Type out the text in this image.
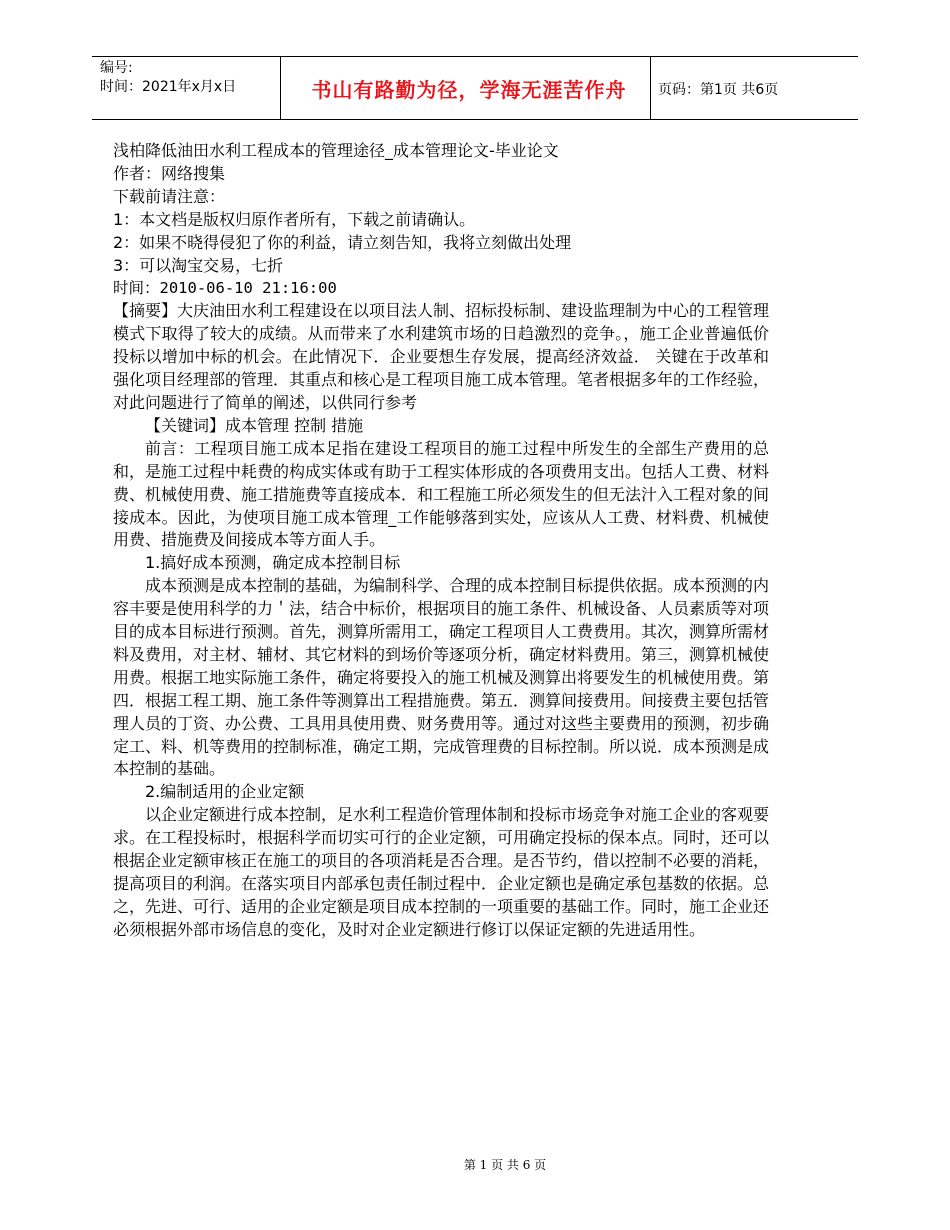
编号:
时间：2021年x月x日	书山有路勤为径，学海无涯苦作舟	页码：第1页 共6页

浅柏降低油田水利工程成本的管理途径_成本管理论文-毕业论文

作者：网络搜集

下载前请注意：

1：本文档是版权归原作者所有，下载之前请确认。

2：如果不晓得侵犯了你的利益，请立刻告知，我将立刻做出处理

3：可以淘宝交易，七折

时间：2010-06-10 21:16:00

【摘要】大庆油田水利工程建设在以项目法人制、招标投标制、建设监理制为中心的工程管理模式下取得了较大的成绩。从而带来了水利建筑市场的日趋激烈的竞争。，施工企业普遍低价投标以增加中标的机会。在此情况下．企业要想生存发展，提高经济效益． 关键在于改革和强化项目经理部的管理．其重点和核心是工程项目施工成本管理。笔者根据多年的工作经验，对此问题进行了简单的阐述，以供同行参考

【关键词】成本管理 控制 措施

前言：工程项目施工成本足指在建设工程项目的施工过程中所发生的全部生产费用的总和，是施工过程中耗费的构成实体或有助于工程实体形成的各项费用支出。包括人工费、材料费、机械使用费、施工措施费等直接成本．和工程施工所必须发生的但无法汁入工程对象的间接成本。因此，为使项目施工成本管理_工作能够落到实处，应该从人工费、材料费、机械使用费、措施费及间接成本等方面人手。

1.搞好成本预测，确定成本控制目标

成本预测是成本控制的基础，为编制科学、合理的成本控制目标提供依据。成本预测的内容丰要是使用科学的力＇法，结合中标价，根据项目的施工条件、机械设备、人员素质等对项目的成本目标进行预测。首先，测算所需用工，确定工程项目人工费费用。其次，测算所需材料及费用，对主材、辅材、其它材料的到场价等逐项分析，确定材料费用。第三，测算机械使用费。根据工地实际施工条件，确定将要投入的施工机械及测算出将要发生的机械使用费。第四．根据工程工期、施工条件等测算出工程措施费。第五．测算间接费用。间接费主要包括管理人员的丁资、办公费、工具用具使用费、财务费用等。通过对这些主要费用的预测，初步确定工、料、机等费用的控制标准，确定工期，完成管理费的目标控制。所以说．成本预测是成本控制的基础。

2.编制适用的企业定额

以企业定额进行成本控制，足水利工程造价管理体制和投标市场竞争对施工企业的客观要求。在工程投标时，根据科学而切实可行的企业定额，可用确定投标的保本点。同时，还可以根据企业定额审核正在施工的项目的各项消耗是否合理。是否节约，借以控制不必要的消耗，提高项目的利润。在落实项目内部承包责任制过程中．企业定额也是确定承包基数的依据。总之，先进、可行、适用的企业定额是项目成本控制的一项重要的基础工作。同时，施工企业还必须根据外部市场信息的变化，及时对企业定额进行修订以保证定额的先进适用性。

第 1 页 共 6 页
